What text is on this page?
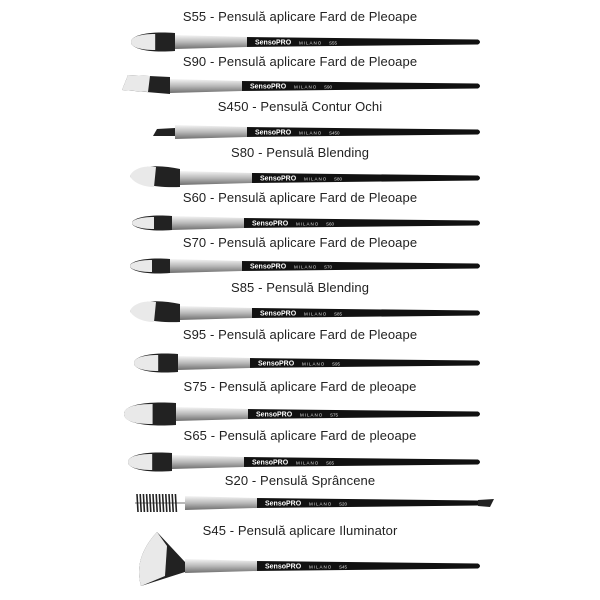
S55 - Pensulă aplicare Fard de Pleoape
SensoPRO MILANO S55
S90 - Pensulă aplicare Fard de Pleoape
SensoPRO MILANO S90
S450 - Pensulă Contur Ochi
SensoPRO MILANO S450
S80 - Pensulă Blending
SensoPRO MILANO S80
S60 - Pensulă aplicare Fard de Pleoape
SensoPRO MILANO S60
S70 - Pensulă aplicare Fard de Pleoape
SensoPRO MILANO S70
S85 - Pensulă Blending
SensoPRO MILANO S85
S95 - Pensulă aplicare Fard de Pleoape
SensoPRO MILANO S95
S75 - Pensulă aplicare Fard de pleoape
SensoPRO MILANO S75
S65 - Pensulă aplicare Fard de pleoape
SensoPRO MILANO S65
S20 - Pensulă Sprâncene
SensoPRO MILANO S20
S45 - Pensulă aplicare Iluminator
SensoPRO MILANO S45
